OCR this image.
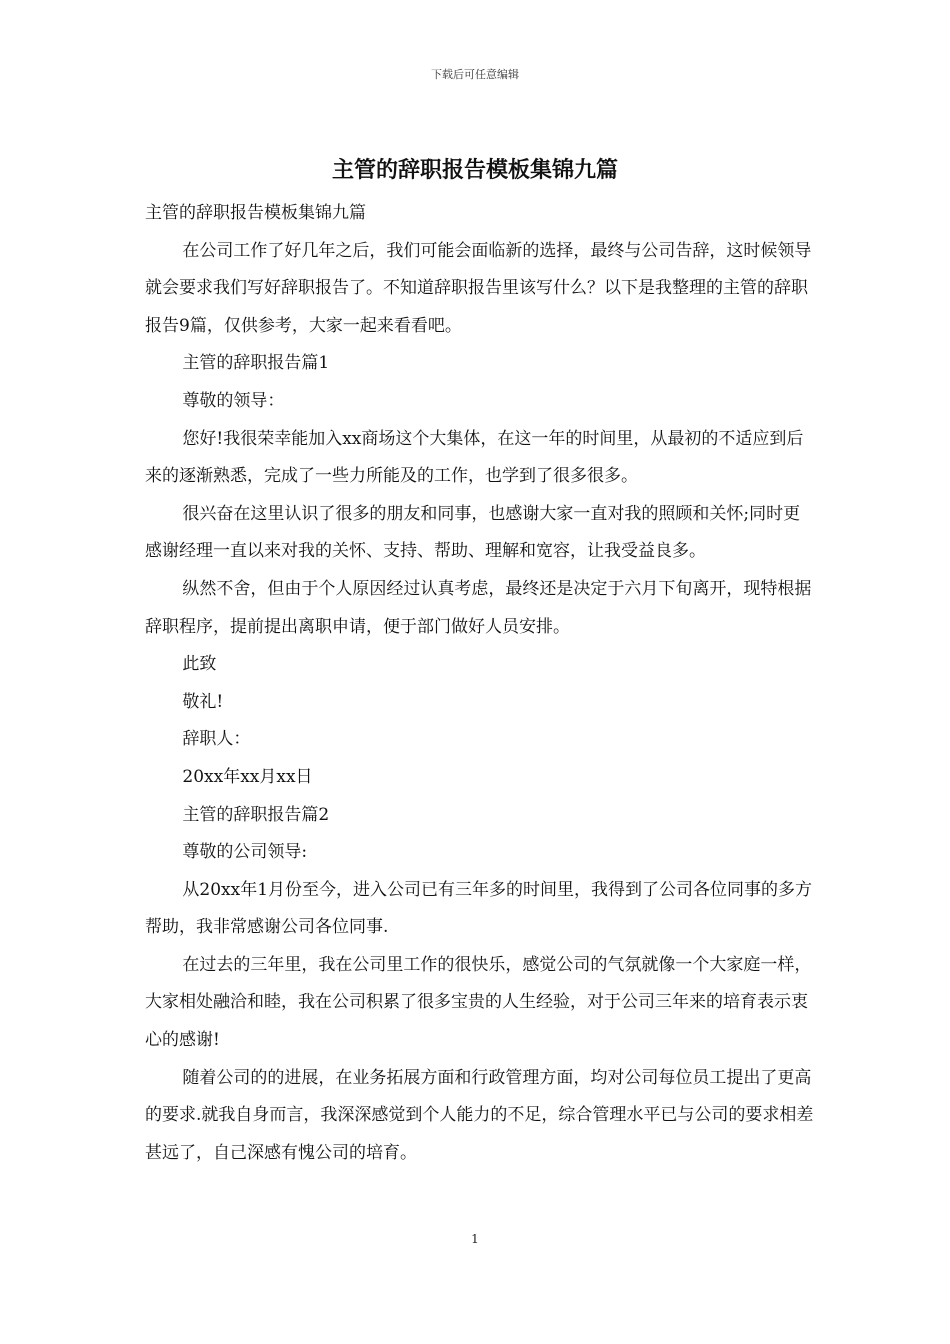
下载后可任意编辑
主管的辞职报告模板集锦九篇

主管的辞职报告模板集锦九篇

在公司工作了好几年之后，我们可能会面临新的选择，最终与公司告辞，这时候领导就会要求我们写好辞职报告了。不知道辞职报告里该写什么？以下是我整理的主管的辞职报告9篇，仅供参考，大家一起来看看吧。

主管的辞职报告篇1

尊敬的领导：

您好!我很荣幸能加入xx商场这个大集体，在这一年的时间里，从最初的不适应到后来的逐渐熟悉，完成了一些力所能及的工作，也学到了很多很多。

很兴奋在这里认识了很多的朋友和同事，也感谢大家一直对我的照顾和关怀;同时更感谢经理一直以来对我的关怀、支持、帮助、理解和宽容，让我受益良多。

纵然不舍，但由于个人原因经过认真考虑，最终还是决定于六月下旬离开，现特根据辞职程序，提前提出离职申请，便于部门做好人员安排。

此致

敬礼!

辞职人：

20xx年xx月xx日

主管的辞职报告篇2

尊敬的公司领导:

从20xx年1月份至今，进入公司已有三年多的时间里，我得到了公司各位同事的多方帮助，我非常感谢公司各位同事.

在过去的三年里，我在公司里工作的很快乐，感觉公司的气氛就像一个大家庭一样，大家相处融洽和睦，我在公司积累了很多宝贵的人生经验，对于公司三年来的培育表示衷心的感谢!

随着公司的的进展，在业务拓展方面和行政管理方面，均对公司每位员工提出了更高的要求.就我自身而言，我深深感觉到个人能力的不足，综合管理水平已与公司的要求相差甚远了，自己深感有愧公司的培育。

1
